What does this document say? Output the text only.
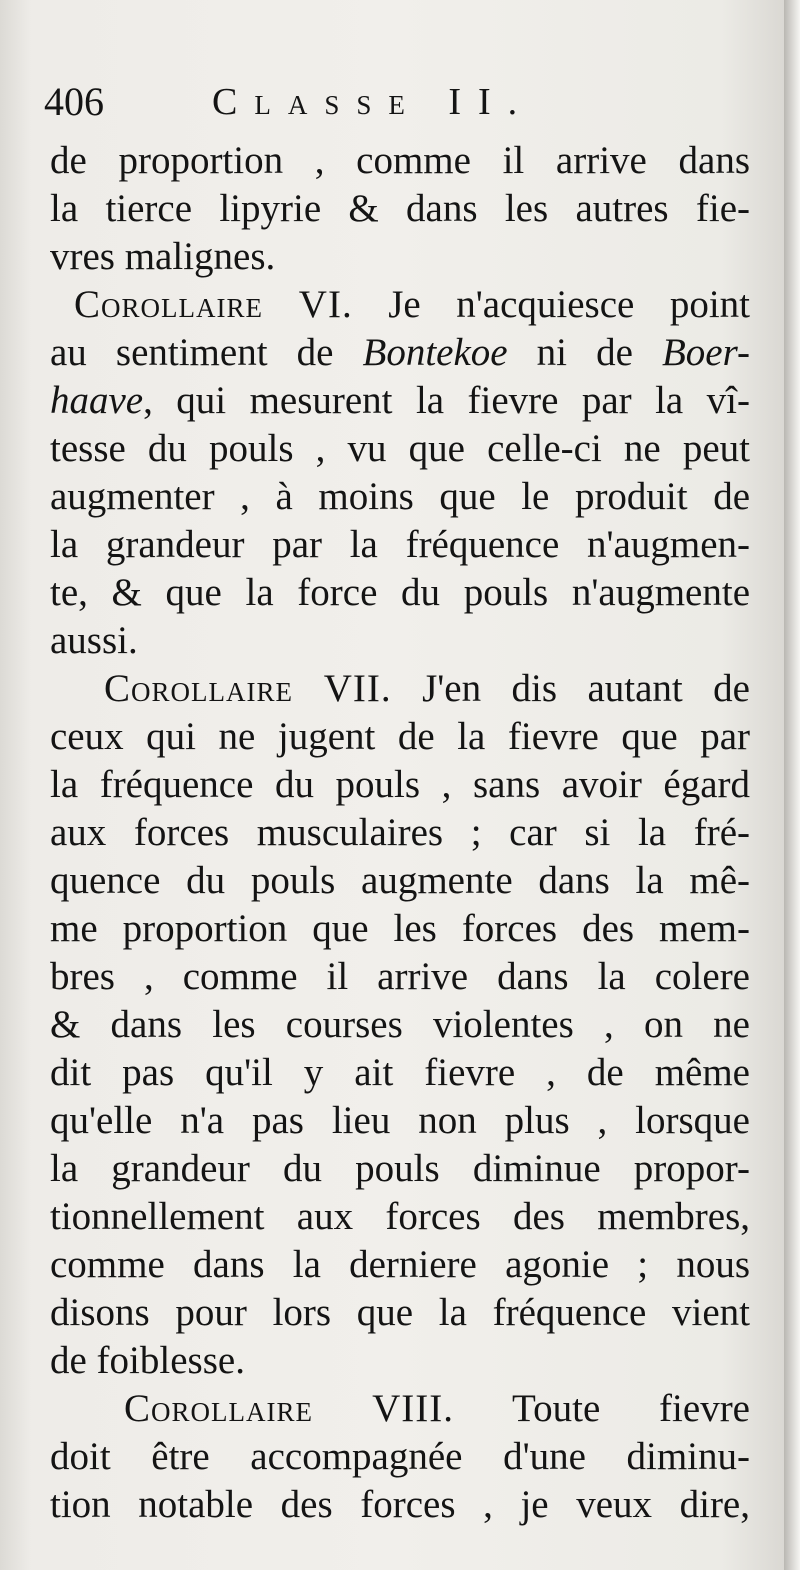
406	Classe II.
de proportion , comme il arrive dans
la tierce lipyrie & dans les autres fie-
vres malignes.
Corollaire VI. Je n'acquiesce point
au sentiment de Bontekoe ni de Boer-
haave, qui mesurent la fievre par la vî-
tesse du pouls , vu que celle-ci ne peut
augmenter , à moins que le produit de
la grandeur par la fréquence n'augmen-
te, & que la force du pouls n'augmente
aussi.
Corollaire VII. J'en dis autant de
ceux qui ne jugent de la fievre que par
la fréquence du pouls , sans avoir égard
aux forces musculaires ; car si la fré-
quence du pouls augmente dans la mê-
me proportion que les forces des mem-
bres , comme il arrive dans la colere
& dans les courses violentes , on ne
dit pas qu'il y ait fievre , de même
qu'elle n'a pas lieu non plus , lorsque
la grandeur du pouls diminue propor-
tionnellement aux forces des membres,
comme dans la derniere agonie ; nous
disons pour lors que la fréquence vient
de foiblesse.
Corollaire VIII. Toute fievre
doit être accompagnée d'une diminu-
tion notable des forces , je veux dire,
